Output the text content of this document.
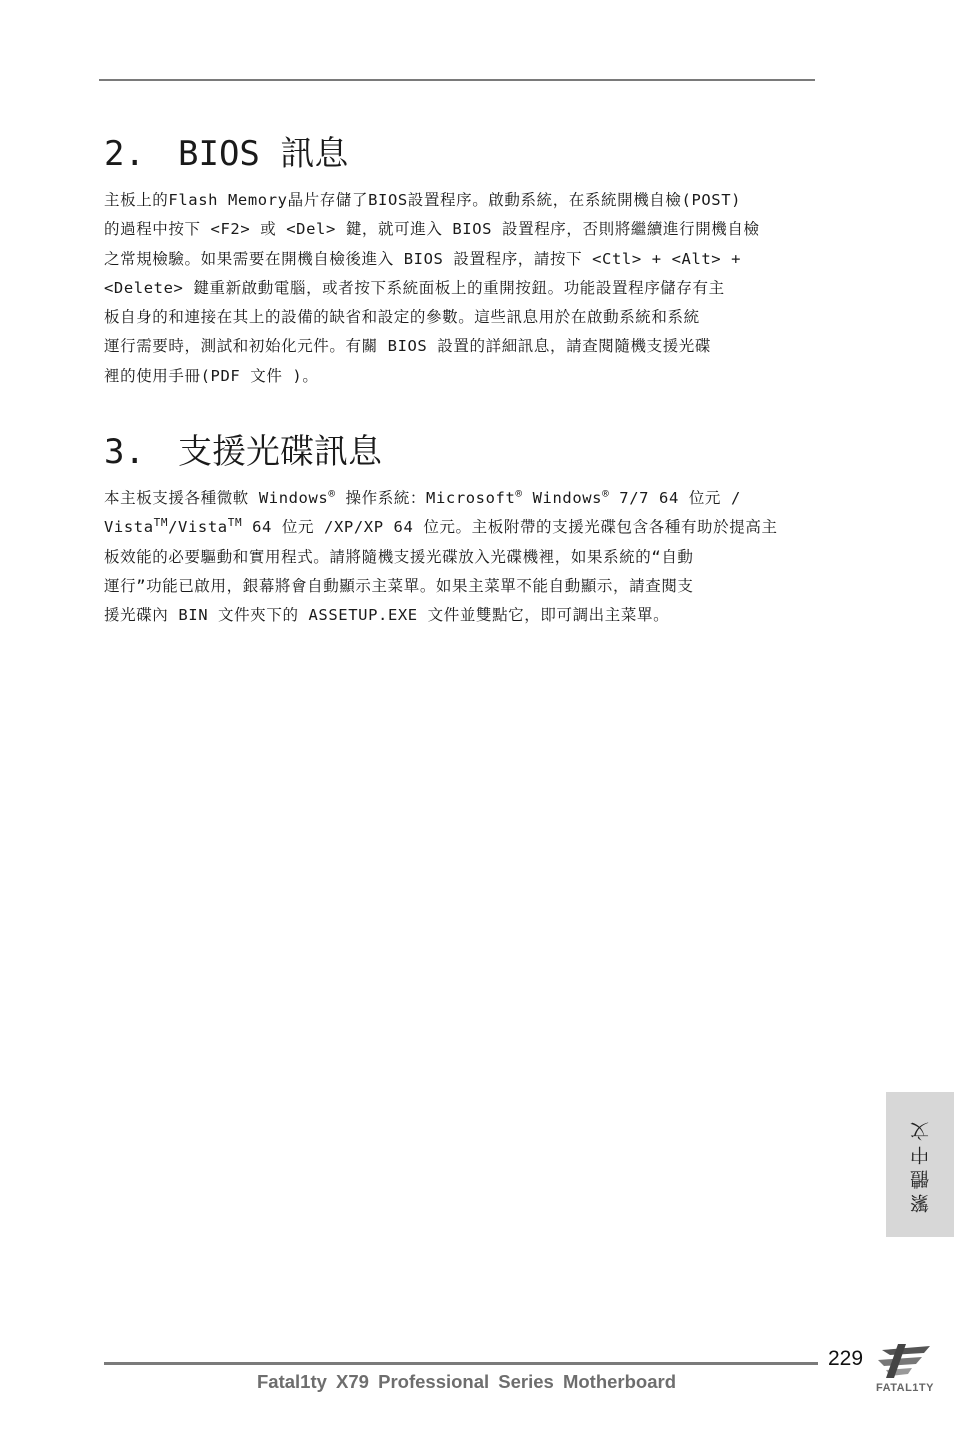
2. BIOS 訊息

主板上的Flash Memory晶片存儲了BIOS設置程序。啟動系統，在系統開機自檢(POST)
的過程中按下 <F2> 或 <Del> 鍵，就可進入 BIOS 設置程序，否則將繼續進行開機自檢
之常規檢驗。如果需要在開機自檢後進入 BIOS 設置程序，請按下 <Ctl> + <Alt> +
<Delete> 鍵重新啟動電腦，或者按下系統面板上的重開按鈕。功能設置程序儲存有主
板自身的和連接在其上的設備的缺省和設定的參數。這些訊息用於在啟動系統和系統
運行需要時，測試和初始化元件。有關 BIOS 設置的詳細訊息，請查閱隨機支援光碟
裡的使用手冊(PDF 文件 )。

3. 支援光碟訊息

本主板支援各種微軟 Windows® 操作系統：Microsoft® Windows® 7/7 64 位元 /
Vista™/Vista™ 64 位元 /XP/XP 64 位元。主板附帶的支援光碟包含各種有助於提高主
板效能的必要驅動和實用程式。請將隨機支援光碟放入光碟機裡，如果系統的“自動
運行”功能已啟用，銀幕將會自動顯示主菜單。如果主菜單不能自動顯示，請查閱支
援光碟內 BIN 文件夾下的 ASSETUP.EXE 文件並雙點它，即可調出主菜單。

繁體中文
229
Fatal1ty X79 Professional Series Motherboard	FATAL1TY
